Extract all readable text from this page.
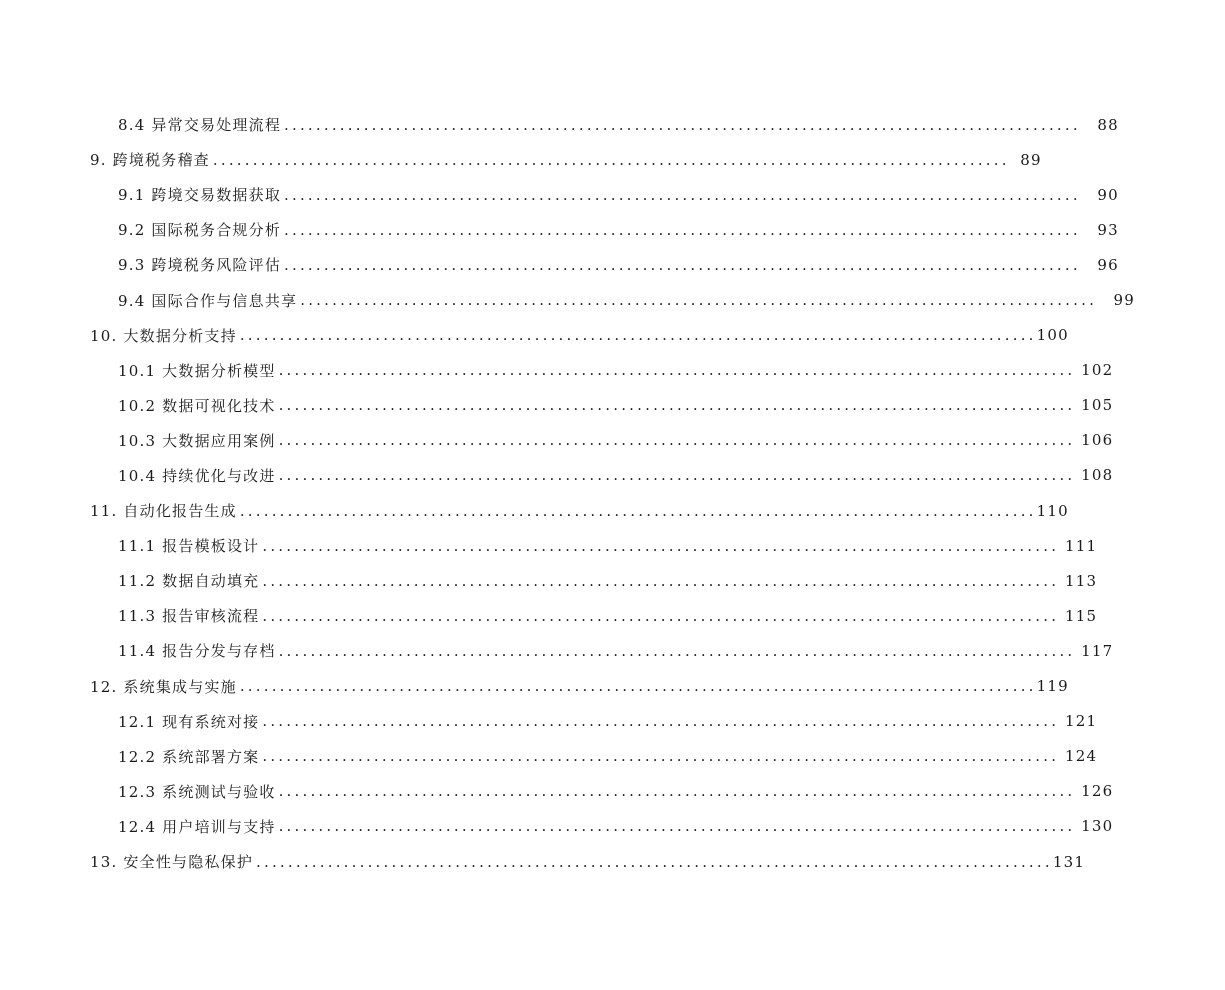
8.4 异常交易处理流程 ....................................................................................................	88
9. 跨境税务稽查 .................................................................................................... 89
9.1 跨境交易数据获取 ....................................................................................................	90
9.2 国际税务合规分析 ....................................................................................................	93
9.3 跨境税务风险评估 ....................................................................................................	96
9.4 国际合作与信息共享 ....................................................................................................	99
10. 大数据分析支持 .................................................................................................... 100
10.1 大数据分析模型 .................................................................................................... 102
10.2 数据可视化技术 .................................................................................................... 105
10.3 大数据应用案例 .................................................................................................... 106
10.4 持续优化与改进 .................................................................................................... 108
11. 自动化报告生成 .................................................................................................... 110
11.1 报告模板设计 .................................................................................................... 111
11.2 数据自动填充 .................................................................................................... 113
11.3 报告审核流程 .................................................................................................... 115
11.4 报告分发与存档 .................................................................................................... 117
12. 系统集成与实施 .................................................................................................... 119
12.1 现有系统对接 .................................................................................................... 121
12.2 系统部署方案 .................................................................................................... 124
12.3 系统测试与验收 .................................................................................................... 126
12.4 用户培训与支持 .................................................................................................... 130
13. 安全性与隐私保护 .................................................................................................... 131
